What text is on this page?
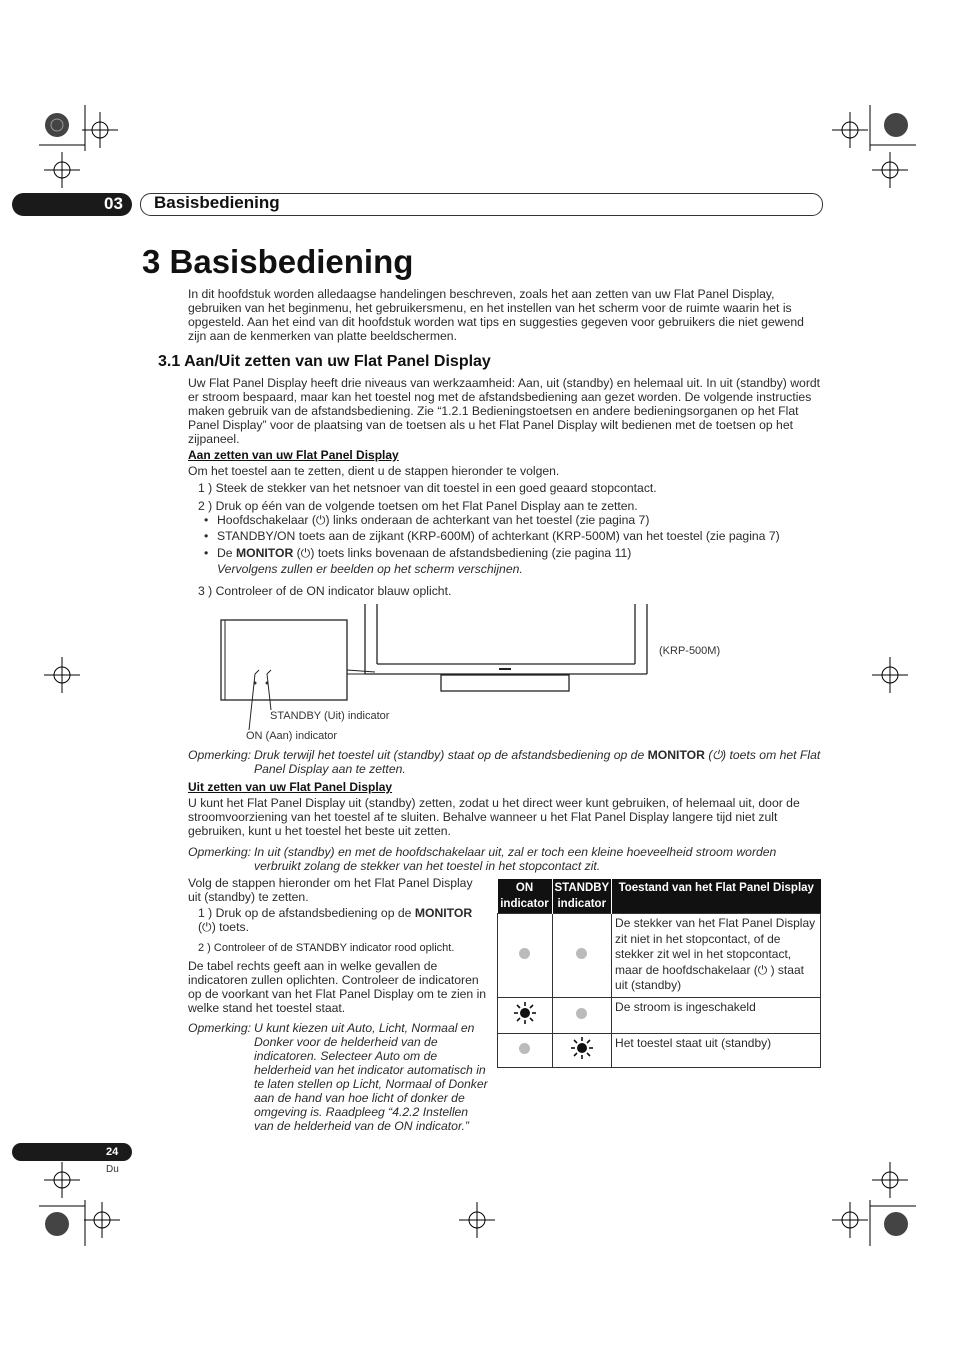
03 Basisbediening
3 Basisbediening
In dit hoofdstuk worden alledaagse handelingen beschreven, zoals het aan zetten van uw Flat Panel Display, gebruiken van het beginmenu, het gebruikersmenu, en het instellen van het scherm voor de ruimte waarin het is opgesteld. Aan het eind van dit hoofdstuk worden wat tips en suggesties gegeven voor gebruikers die niet gewend zijn aan de kenmerken van platte beeldschermen.
3.1 Aan/Uit zetten van uw Flat Panel Display
Uw Flat Panel Display heeft drie niveaus van werkzaamheid: Aan, uit (standby) en helemaal uit. In uit (standby) wordt er stroom bespaard, maar kan het toestel nog met de afstandsbediening aan gezet worden. De volgende instructies maken gebruik van de afstandsbediening. Zie “1.2.1 Bedieningstoetsen en andere bedieningsorganen op het Flat Panel Display” voor de plaatsing van de toetsen als u het Flat Panel Display wilt bedienen met de toetsen op het zijpaneel.
Aan zetten van uw Flat Panel Display
Om het toestel aan te zetten, dient u de stappen hieronder te volgen.
1 ) Steek de stekker van het netsnoer van dit toestel in een goed geaard stopcontact.
2 ) Druk op één van de volgende toetsen om het Flat Panel Display aan te zetten.
• Hoofdschakelaar (⏻) links onderaan de achterkant van het toestel (zie pagina 7)
• STANDBY/ON toets aan de zijkant (KRP-600M) of achterkant (KRP-500M) van het toestel (zie pagina 7)
• De MONITOR (⏻) toets links bovenaan de afstandsbediening (zie pagina 11)
Vervolgens zullen er beelden op het scherm verschijnen.
3 ) Controleer of de ON indicator blauw oplicht.
(KRP-500M)
STANDBY (Uit) indicator
ON (Aan) indicator
Opmerking: Druk terwijl het toestel uit (standby) staat op de afstandsbediening op de MONITOR (⏻) toets om het Flat Panel Display aan te zetten.
Uit zetten van uw Flat Panel Display
U kunt het Flat Panel Display uit (standby) zetten, zodat u het direct weer kunt gebruiken, of helemaal uit, door de stroomvoorziening van het toestel af te sluiten. Behalve wanneer u het Flat Panel Display langere tijd niet zult gebruiken, kunt u het toestel het beste uit zetten.
Opmerking: In uit (standby) en met de hoofdschakelaar uit, zal er toch een kleine hoeveelheid stroom worden verbruikt zolang de stekker van het toestel in het stopcontact zit.
Volg de stappen hieronder om het Flat Panel Display uit (standby) te zetten.
1 ) Druk op de afstandsbediening op de MONITOR (⏻) toets.
2 ) Controleer of de STANDBY indicator rood oplicht.
De tabel rechts geeft aan in welke gevallen de indicatoren zullen oplichten. Controleer de indicatoren op de voorkant van het Flat Panel Display om te zien in welke stand het toestel staat.
Opmerking: U kunt kiezen uit Auto, Licht, Normaal en Donker voor de helderheid van de indicatoren. Selecteer Auto om de helderheid van het indicator automatisch in te laten stellen op Licht, Normaal of Donker aan de hand van hoe licht of donker de omgeving is. Raadpleeg “4.2.2 Instellen van de helderheid van de ON indicator.”
ON indicator	STANDBY indicator	Toestand van het Flat Panel Display
		De stekker van het Flat Panel Display zit niet in het stopcontact, of de stekker zit wel in het stopcontact, maar de hoofdschakelaar (⏻ ) staat uit (standby)
		De stroom is ingeschakeld
		Het toestel staat uit (standby)
24
Du
